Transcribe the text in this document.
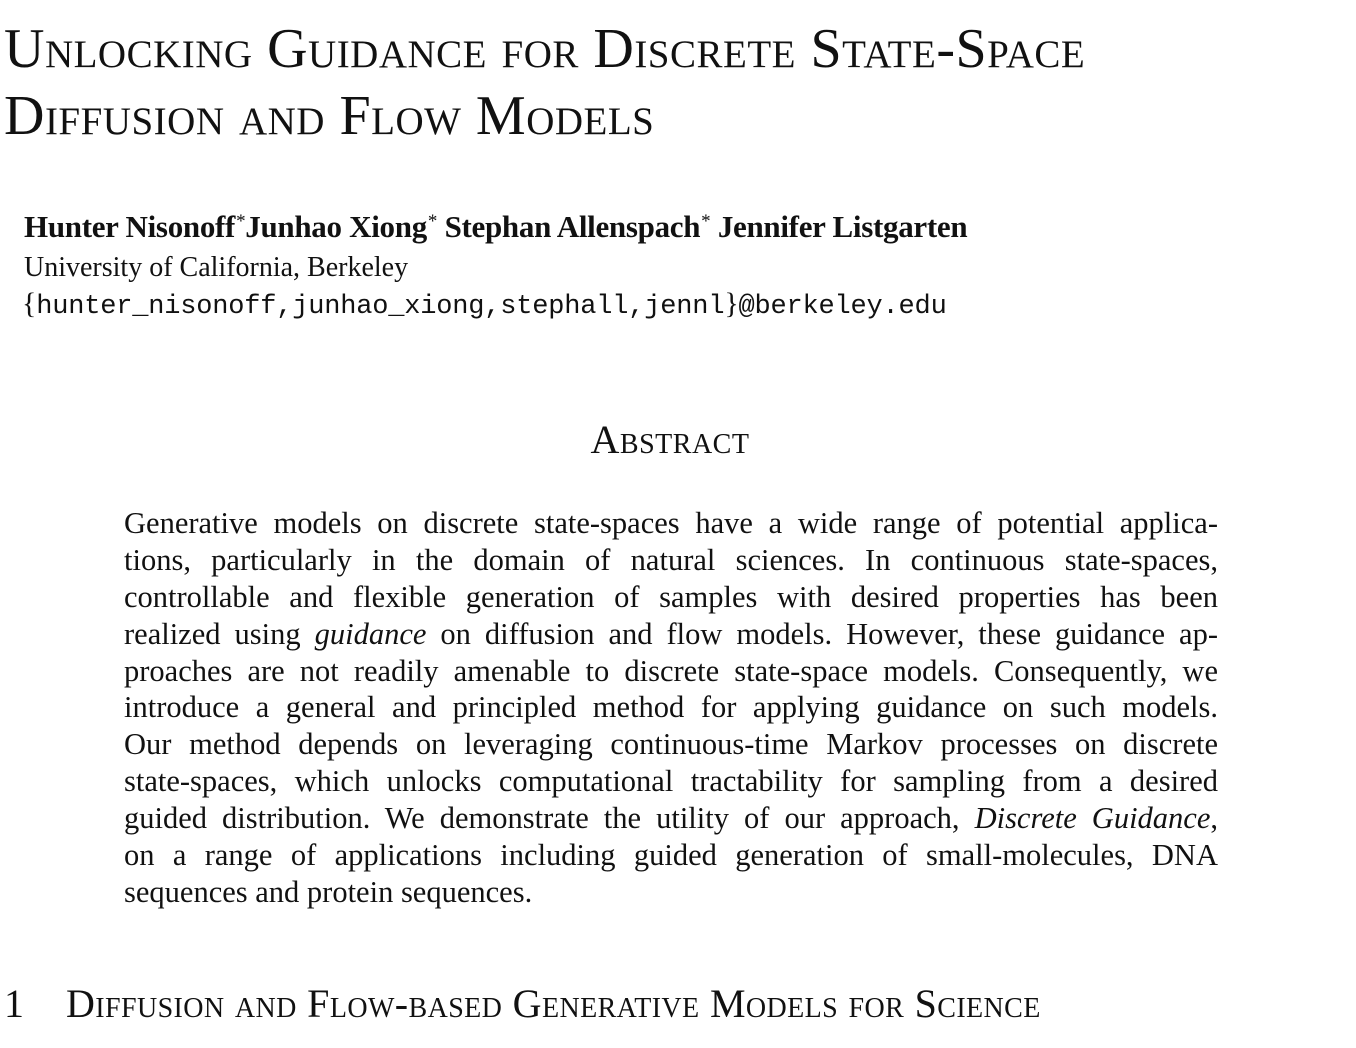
Unlocking Guidance for Discrete State-Space
Diffusion and Flow Models
Hunter Nisonoff*Junhao Xiong* Stephan Allenspach* Jennifer Listgarten
University of California, Berkeley
{hunter_nisonoff,junhao_xiong,stephall,jennl}@berkeley.edu
Abstract
Generative models on discrete state-spaces have a wide range of potential applica-
tions, particularly in the domain of natural sciences. In continuous state-spaces,
controllable and flexible generation of samples with desired properties has been
realized using guidance on diffusion and flow models. However, these guidance ap-
proaches are not readily amenable to discrete state-space models. Consequently, we
introduce a general and principled method for applying guidance on such models.
Our method depends on leveraging continuous-time Markov processes on discrete
state-spaces, which unlocks computational tractability for sampling from a desired
guided distribution. We demonstrate the utility of our approach, Discrete Guidance,
on a range of applications including guided generation of small-molecules, DNA
sequences and protein sequences.
1 Diffusion and Flow-based Generative Models for Science
